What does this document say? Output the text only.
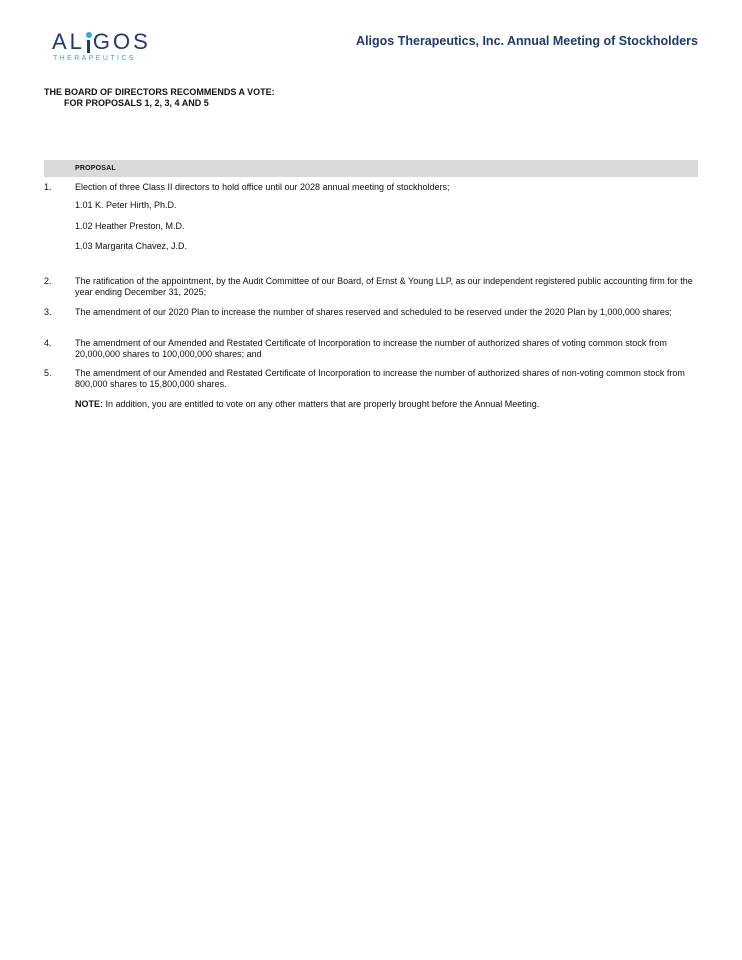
AL GOS
THERAPEUTICS
Aligos Therapeutics, Inc. Annual Meeting of Stockholders
THE BOARD OF DIRECTORS RECOMMENDS A VOTE:
FOR PROPOSALS 1, 2, 3, 4 AND 5
PROPOSAL
1.	Election of three Class II directors to hold office until our 2028 annual meeting of stockholders;
1.01 K. Peter Hirth, Ph.D.
1.02 Heather Preston, M.D.
1.03 Margarita Chavez, J.D.
2.	The ratification of the appointment, by the Audit Committee of our Board, of Ernst & Young LLP, as our independent registered public accounting firm for the year ending December 31, 2025;
3.	The amendment of our 2020 Plan to increase the number of shares reserved and scheduled to be reserved under the 2020 Plan by 1,000,000 shares;
4.	The amendment of our Amended and Restated Certificate of Incorporation to increase the number of authorized shares of voting common stock from 20,000,000 shares to 100,000,000 shares; and
5.	The amendment of our Amended and Restated Certificate of Incorporation to increase the number of authorized shares of non-voting common stock from 800,000 shares to 15,800,000 shares.
NOTE: In addition, you are entitled to vote on any other matters that are properly brought before the Annual Meeting.
